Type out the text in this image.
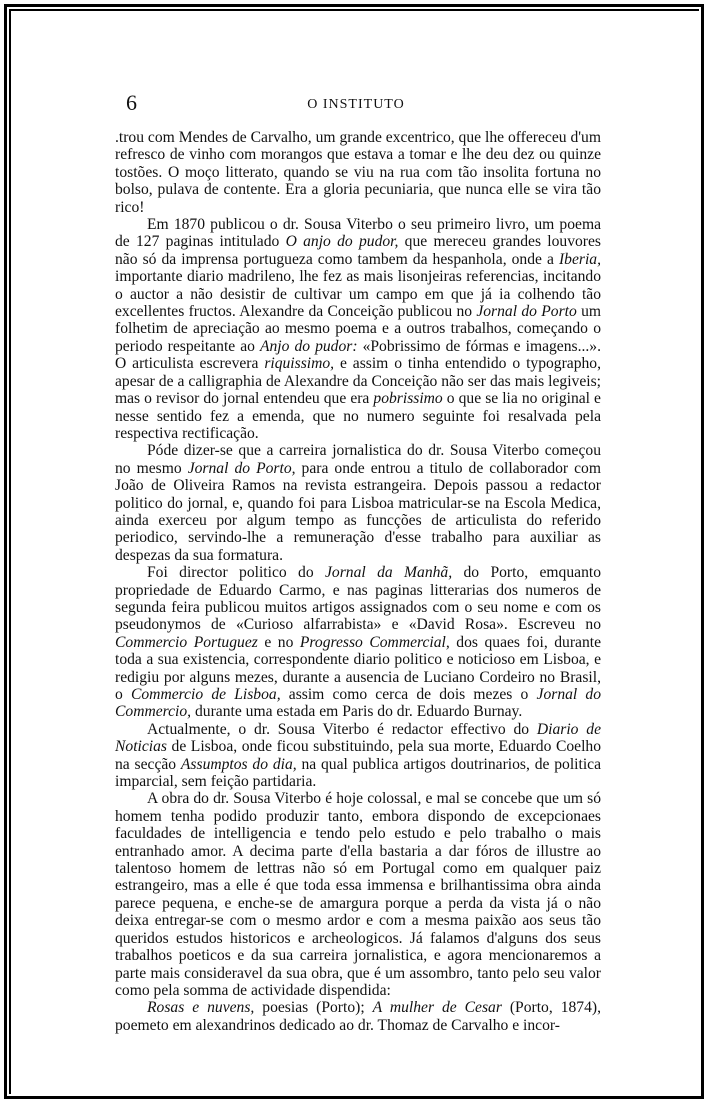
6	O INSTITUTO

.trou com Mendes de Carvalho, um grande excentrico, que lhe offereceu d'um refresco de vinho com morangos que estava a tomar e lhe deu dez ou quinze tostões. O moço litterato, quando se viu na rua com tão insolita fortuna no bolso, pulava de contente. Era a gloria pecuniaria, que nunca elle se vira tão rico!

Em 1870 publicou o dr. Sousa Viterbo o seu primeiro livro, um poema de 127 paginas intitulado O anjo do pudor, que mereceu grandes louvores não só da imprensa portugueza como tambem da hespanhola, onde a Iberia, importante diario madrileno, lhe fez as mais lisonjeiras referencias, incitando o auctor a não desistir de cultivar um campo em que já ia colhendo tão excellentes fructos. Alexandre da Conceição publicou no Jornal do Porto um folhetim de apreciação ao mesmo poema e a outros trabalhos, começando o periodo respeitante ao Anjo do pudor: «Pobrissimo de fórmas e imagens...». O articulista escrevera riquissimo, e assim o tinha entendido o typographo, apesar de a calligraphia de Alexandre da Conceição não ser das mais legiveis; mas o revisor do jornal entendeu que era pobrissimo o que se lia no original e nesse sentido fez a emenda, que no numero seguinte foi resalvada pela respectiva rectificação.

Póde dizer-se que a carreira jornalistica do dr. Sousa Viterbo começou no mesmo Jornal do Porto, para onde entrou a titulo de collaborador com João de Oliveira Ramos na revista estrangeira. Depois passou a redactor politico do jornal, e, quando foi para Lisboa matricular-se na Escola Medica, ainda exerceu por algum tempo as funcções de articulista do referido periodico, servindo-lhe a remuneração d'esse trabalho para auxiliar as despezas da sua formatura.

Foi director politico do Jornal da Manhã, do Porto, emquanto propriedade de Eduardo Carmo, e nas paginas litterarias dos numeros de segunda feira publicou muitos artigos assignados com o seu nome e com os pseudonymos de «Curioso alfarrabista» e «David Rosa». Escreveu no Commercio Portuguez e no Progresso Commercial, dos quaes foi, durante toda a sua existencia, correspondente diario politico e noticioso em Lisboa, e redigiu por alguns mezes, durante a ausencia de Luciano Cordeiro no Brasil, o Commercio de Lisboa, assim como cerca de dois mezes o Jornal do Commercio, durante uma estada em Paris do dr. Eduardo Burnay.

Actualmente, o dr. Sousa Viterbo é redactor effectivo do Diario de Noticias de Lisboa, onde ficou substituindo, pela sua morte, Eduardo Coelho na secção Assumptos do dia, na qual publica artigos doutrinarios, de politica imparcial, sem feição partidaria.

A obra do dr. Sousa Viterbo é hoje colossal, e mal se concebe que um só homem tenha podido produzir tanto, embora dispondo de excepcionaes faculdades de intelligencia e tendo pelo estudo e pelo trabalho o mais entranhado amor. A decima parte d'ella bastaria a dar fóros de illustre ao talentoso homem de lettras não só em Portugal como em qualquer paiz estrangeiro, mas a elle é que toda essa immensa e brilhantissima obra ainda parece pequena, e enche-se de amargura porque a perda da vista já o não deixa entregar-se com o mesmo ardor e com a mesma paixão aos seus tão queridos estudos historicos e archeologicos. Já falamos d'alguns dos seus trabalhos poeticos e da sua carreira jornalistica, e agora mencionaremos a parte mais consideravel da sua obra, que é um assombro, tanto pelo seu valor como pela somma de actividade dispendida:

Rosas e nuvens, poesias (Porto); A mulher de Cesar (Porto, 1874), poemeto em alexandrinos dedicado ao dr. Thomaz de Carvalho e incor-
